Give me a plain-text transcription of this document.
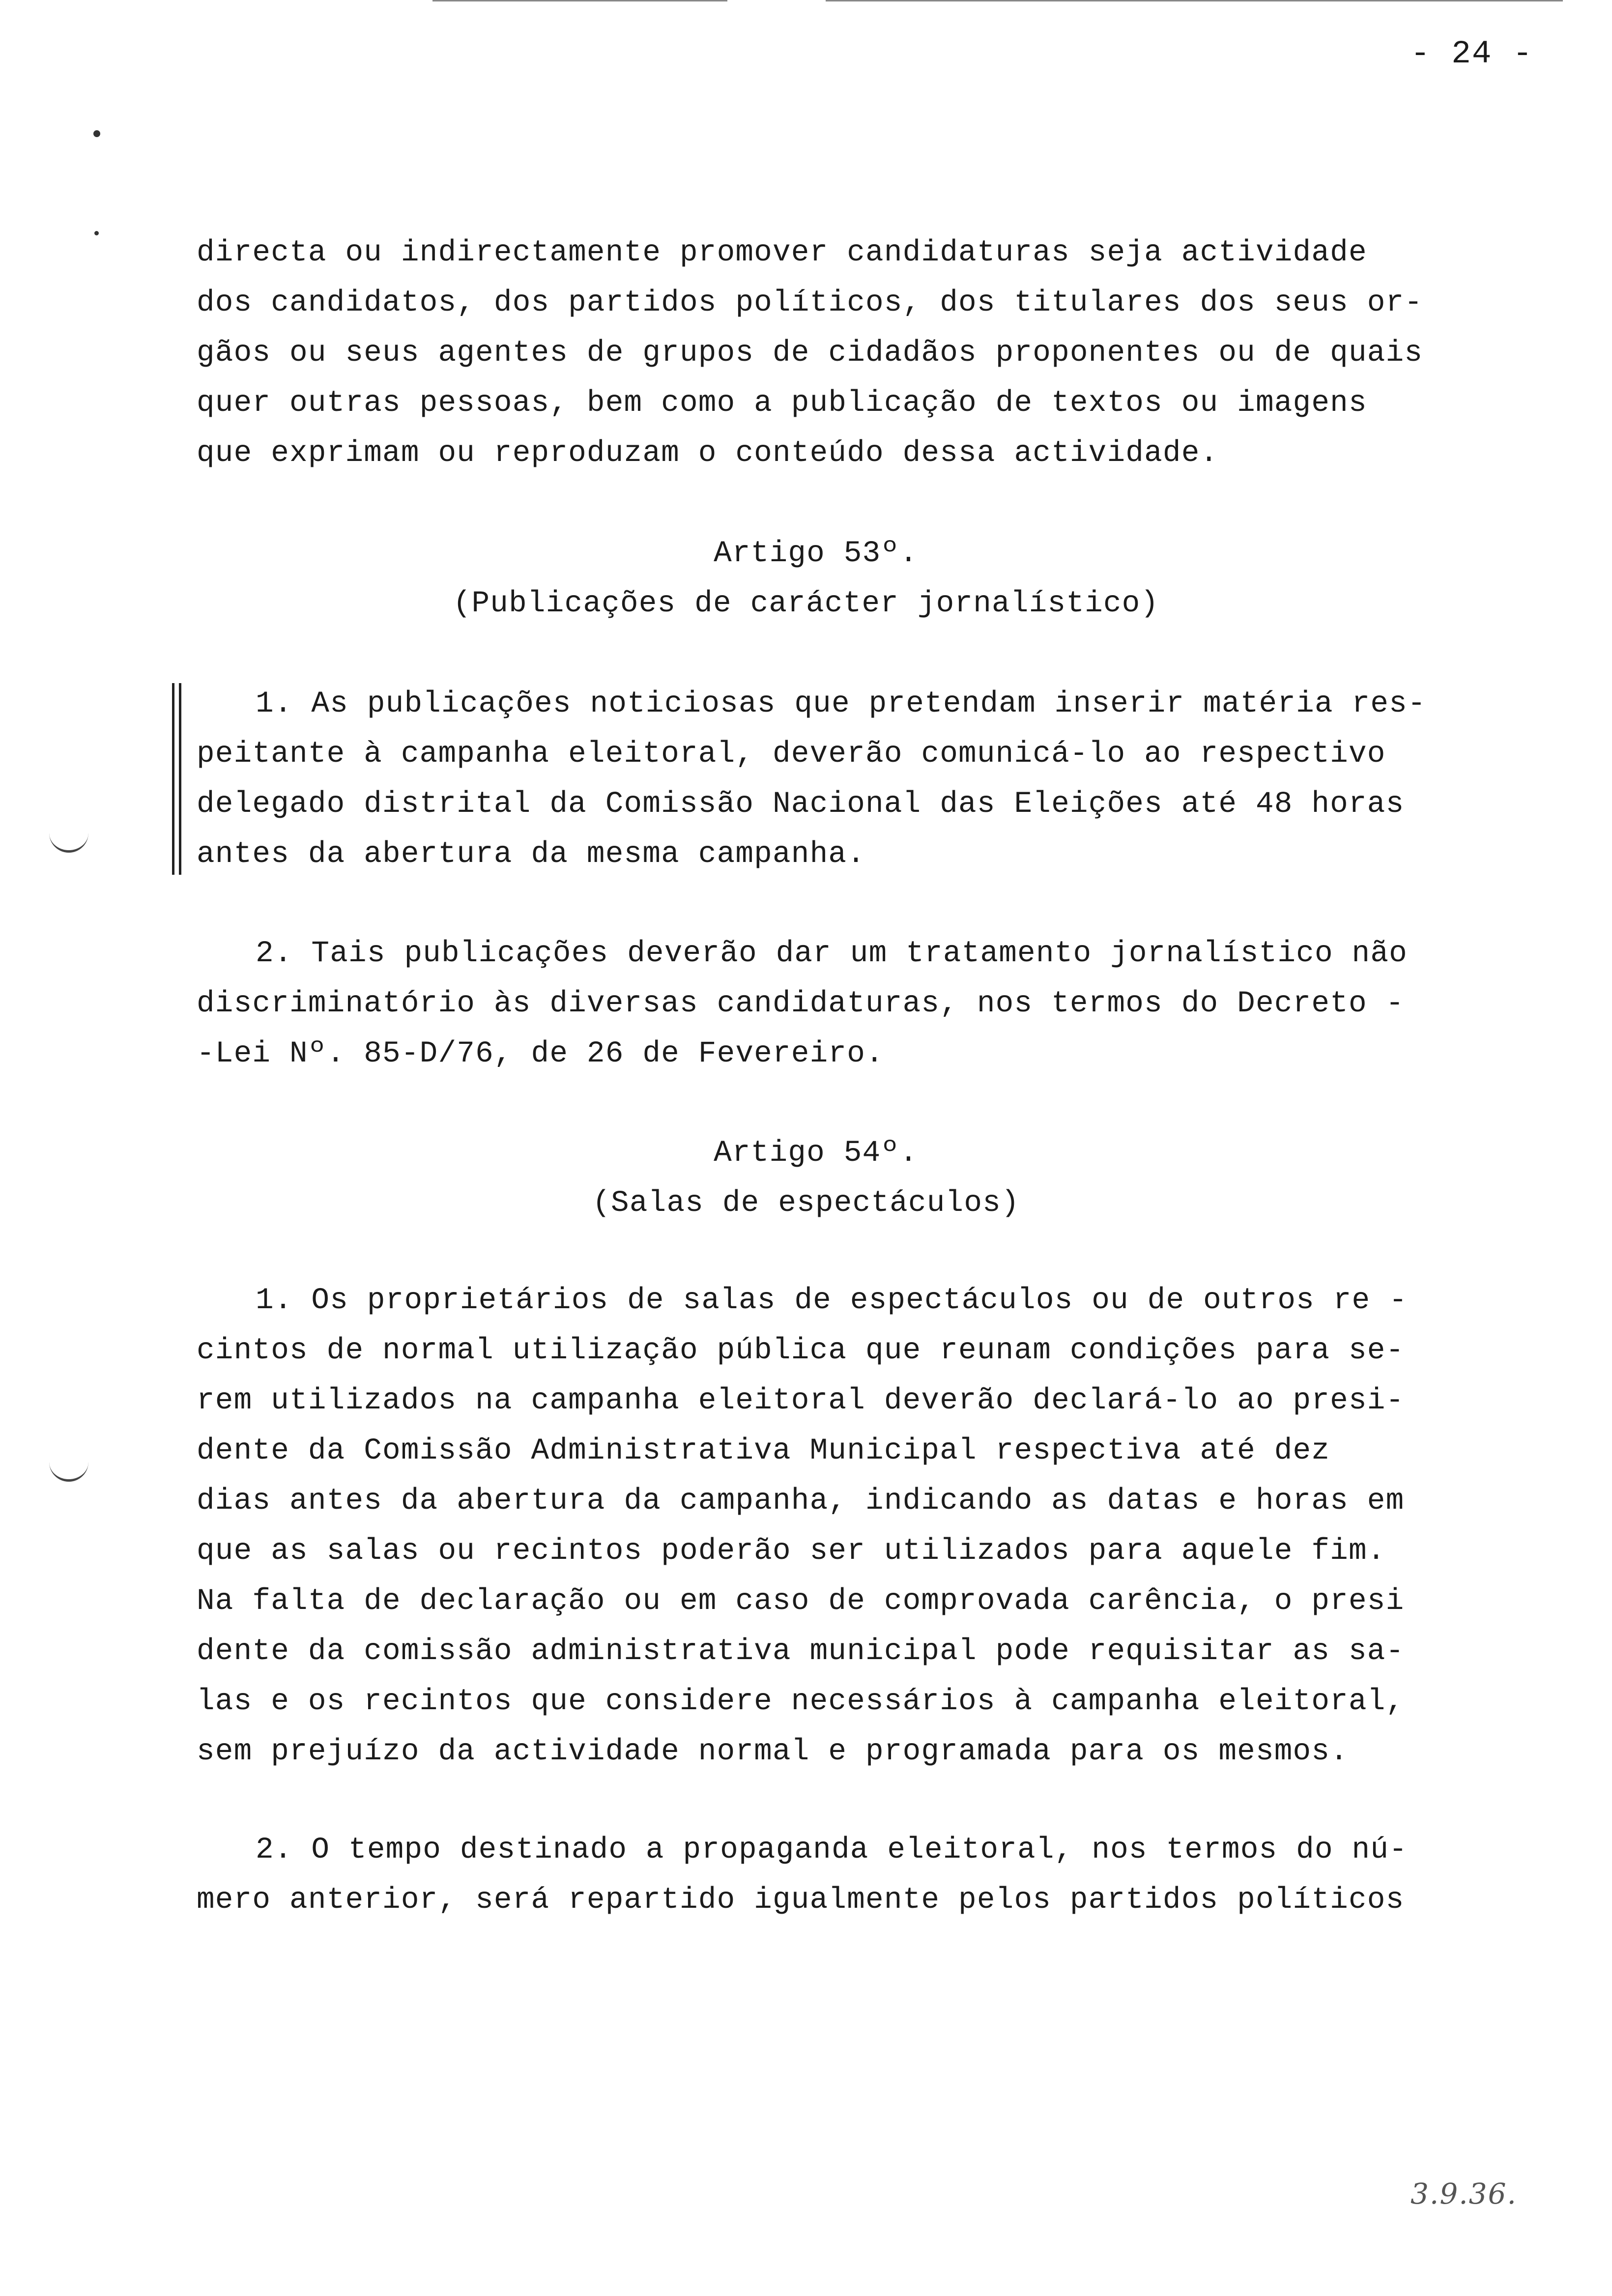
- 24 -
directa ou indirectamente promover candidaturas seja actividade
dos candidatos, dos partidos políticos, dos titulares dos seus or-
gãos ou seus agentes de grupos de cidadãos proponentes ou de quais
quer outras pessoas, bem como a publicação de textos ou imagens
que exprimam ou reproduzam o conteúdo dessa actividade.
Artigo 53º.
(Publicações de carácter jornalístico)
1. As publicações noticiosas que pretendam inserir matéria res-
peitante à campanha eleitoral, deverão comunicá-lo ao respectivo
delegado distrital da Comissão Nacional das Eleições até 48 horas
antes da abertura da mesma campanha.
2. Tais publicações deverão dar um tratamento jornalístico não
discriminatório às diversas candidaturas, nos termos do Decreto -
-Lei Nº. 85-D/76, de 26 de Fevereiro.
Artigo 54º.
(Salas de espectáculos)
1. Os proprietários de salas de espectáculos ou de outros re -
cintos de normal utilização pública que reunam condições para se-
rem utilizados na campanha eleitoral deverão declará-lo ao presi-
dente da Comissão Administrativa Municipal respectiva até dez
dias antes da abertura da campanha, indicando as datas e horas em
que as salas ou recintos poderão ser utilizados para aquele fim.
Na falta de declaração ou em caso de comprovada carência, o presi
dente da comissão administrativa municipal pode requisitar as sa-
las e os recintos que considere necessários à campanha eleitoral,
sem prejuízo da actividade normal e programada para os mesmos.
2. O tempo destinado a propaganda eleitoral, nos termos do nú-
mero anterior, será repartido igualmente pelos partidos políticos
3.9.36.
